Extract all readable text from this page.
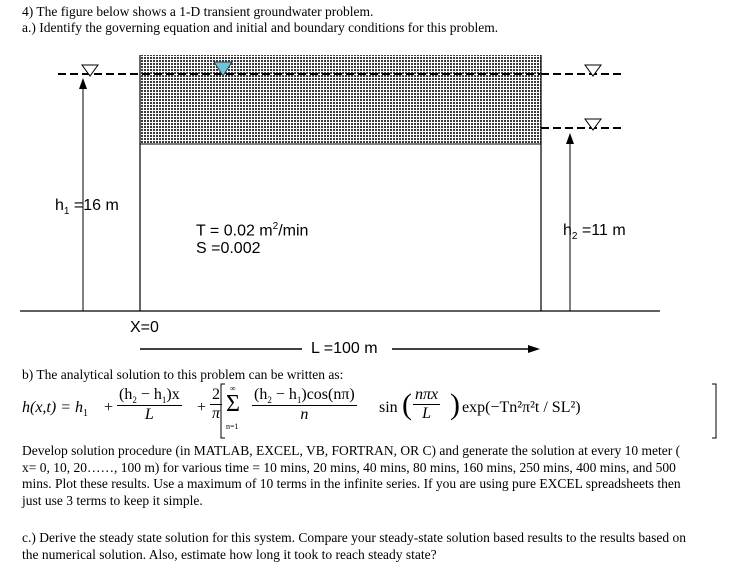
4) The figure below shows a 1-D transient groundwater problem.
a.) Identify the governing equation and initial and boundary conditions for this problem.
$h_1 =16$ m
$h_2 =11$ m
T = 0.02 $m^2/\min$
S =0.002
X=0
L =100 m
b) The analytical solution to this problem can be written as:
$h(x,t) = h_1 + \frac{(h_2 - h_1)x}{L} + \frac{2}{\pi}$ ∞
Σ
n=1
$\frac{(h_2 - h_1)\cos(n\pi)}{n}$ sin ( nπx
L ) exp(−Tn²π²t / SL²)
Develop solution procedure (in MATLAB, EXCEL, VB, FORTRAN, OR C) and generate the solution at every 10 meter ( x= 0, 10, 20……, 100 m) for various time = 10 mins, 20 mins, 40 mins, 80 mins, 160 mins, 250 mins, 400 mins, and 500 mins. Plot these results. Use a maximum of 10 terms in the infinite series. If you are using pure EXCEL spreadsheets then just use 3 terms to keep it simple.
c.) Derive the steady state solution for this system. Compare your steady-state solution based results to the results based on the numerical solution. Also, estimate how long it took to reach steady state?
